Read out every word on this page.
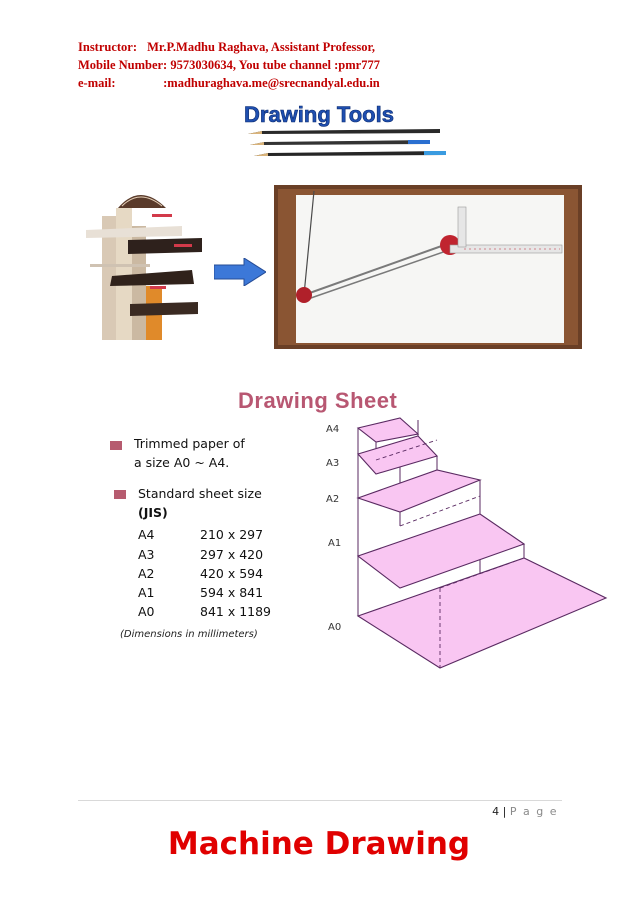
Instructor: Mr.P.Madhu Raghava, Assistant Professor,
Mobile Number: 9573030634, You tube channel :pmr777
e-mail:	:madhuraghava.me@srecnandyal.edu.in
Drawing Tools
Drawing Sheet
Trimmed paper of
a size A0 ~ A4.
Standard sheet size
(JIS)
A4	210 x 297
A3	297 x 420
A2	420 x 594
A1	594 x 841
A0	841 x 1189
(Dimensions in millimeters)
A4
A3
A2
A1
A0
4 | P a g e
Machine Drawing
